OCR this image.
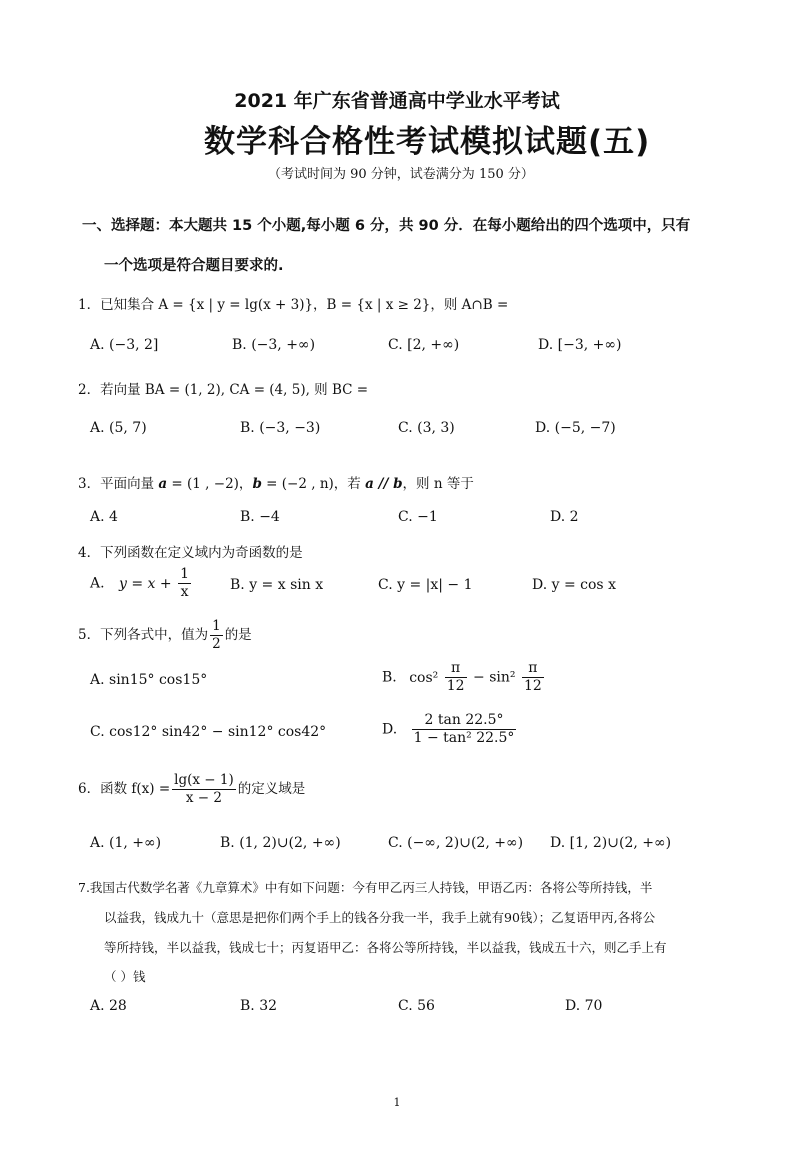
2021 年广东省普通高中学业水平考试
数学科合格性考试模拟试题(五)
（考试时间为 90 分钟，试卷满分为 150 分）
一、选择题：本大题共 15 个小题,每小题 6 分，共 90 分．在每小题给出的四个选项中，只有
一个选项是符合题目要求的.
1．已知集合 A = {x | y = lg(x + 3)}，B = {x | x ≥ 2}，则 A∩B =
A. (−3, 2]	B. (−3, +∞)	C. [2, +∞)	D. [−3, +∞)
2．若向量 BA = (1, 2), CA = (4, 5), 则 BC =
A. (5, 7)	B. (−3, −3)	C. (3, 3)	D. (−5, −7)
3．平面向量 a = (1 , −2)，b = (−2 , n)，若 a // b，则 n 等于
A. 4	B. −4	C. −1	D. 2
4．下列函数在定义域内为奇函数的是
A. $y = x + \frac{1}{x}$	B. y = x sin x	C. y = |x| − 1	D. y = cos x
5．下列各式中，值为 $\frac{1}{2}$ 的是
A. sin15° cos15°	B. $\cos^2 \frac{\pi}{12} - \sin^2 \frac{\pi}{12}$
C. cos12° sin42° − sin12° cos42°	D. $\frac{2 \tan 22.5^\circ}{\text{1 − tan² 22.5°}}$
6．函数 $f(x) = \frac{\lg(x - 1)}{x - 2}$ 的定义域是
A. (1, +∞)	B. (1, 2)∪(2, +∞)	C. (−∞, 2)∪(2, +∞) D. [1, 2)∪(2, +∞)
7.我国古代数学名著《九章算术》中有如下问题：今有甲乙丙三人持钱，甲语乙丙：各将公等所持钱，半
以益我，钱成九十（意思是把你们两个手上的钱各分我一半，我手上就有90钱）；乙复语甲丙,各将公
等所持钱，半以益我，钱成七十；丙复语甲乙：各将公等所持钱，半以益我，钱成五十六，则乙手上有
（ ）钱
A. 28	B. 32	C. 56	D. 70
1
